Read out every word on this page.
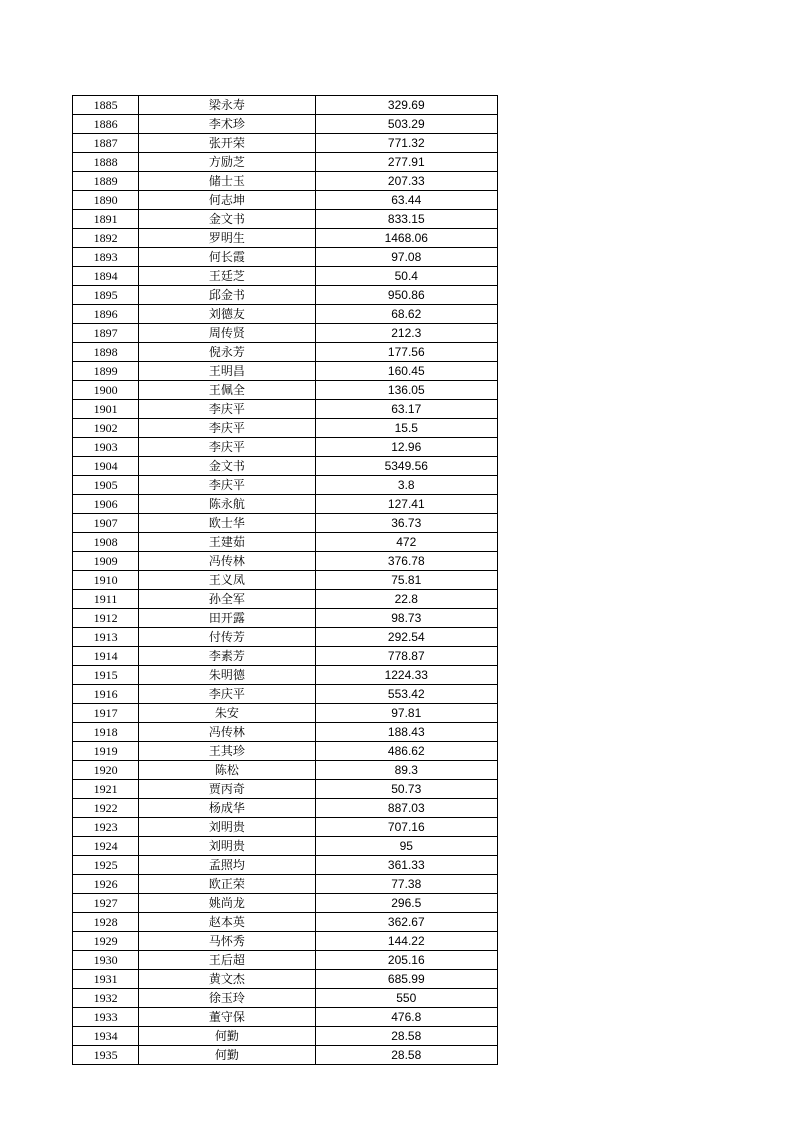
1885	梁永寿	329.69
1886	李术珍	503.29
1887	张开荣	771.32
1888	方励芝	277.91
1889	储士玉	207.33
1890	何志坤	63.44
1891	金文书	833.15
1892	罗明生	1468.06
1893	何长霞	97.08
1894	王廷芝	50.4
1895	邱金书	950.86
1896	刘德友	68.62
1897	周传贤	212.3
1898	倪永芳	177.56
1899	王明昌	160.45
1900	王佩全	136.05
1901	李庆平	63.17
1902	李庆平	15.5
1903	李庆平	12.96
1904	金文书	5349.56
1905	李庆平	3.8
1906	陈永航	127.41
1907	欧士华	36.73
1908	王建茹	472
1909	冯传林	376.78
1910	王义凤	75.81
1911	孙全军	22.8
1912	田开露	98.73
1913	付传芳	292.54
1914	李素芳	778.87
1915	朱明德	1224.33
1916	李庆平	553.42
1917	朱安	97.81
1918	冯传林	188.43
1919	王其珍	486.62
1920	陈松	89.3
1921	贾丙奇	50.73
1922	杨成华	887.03
1923	刘明贵	707.16
1924	刘明贵	95
1925	孟照均	361.33
1926	欧正荣	77.38
1927	姚尚龙	296.5
1928	赵本英	362.67
1929	马怀秀	144.22
1930	王后超	205.16
1931	黄文杰	685.99
1932	徐玉玲	550
1933	董守保	476.8
1934	何勤	28.58
1935	何勤	28.58
